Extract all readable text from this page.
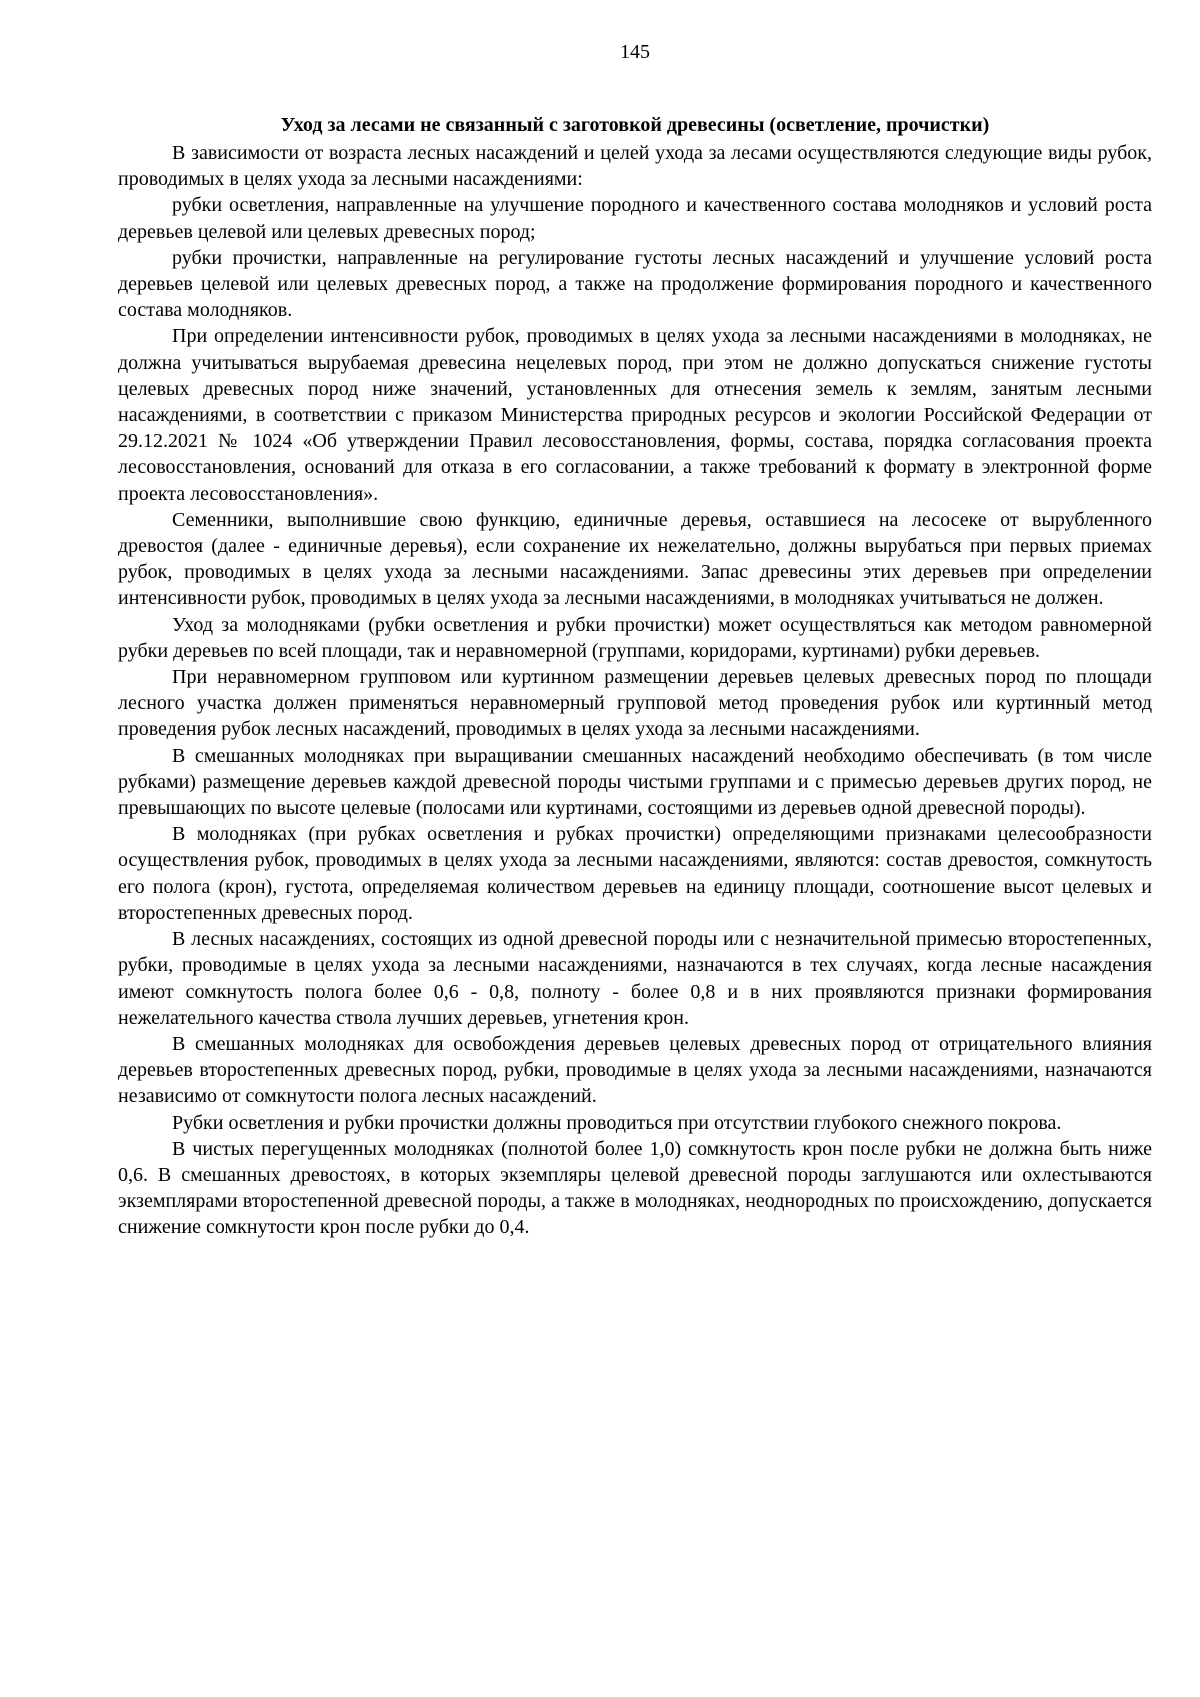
145
Уход за лесами не связанный с заготовкой древесины (осветление, прочистки)

В зависимости от возраста лесных насаждений и целей ухода за лесами осуществляются следующие виды рубок, проводимых в целях ухода за лесными насаждениями:

рубки осветления, направленные на улучшение породного и качественного состава молодняков и условий роста деревьев целевой или целевых древесных пород;

рубки прочистки, направленные на регулирование густоты лесных насаждений и улучшение условий роста деревьев целевой или целевых древесных пород, а также на продолжение формирования породного и качественного состава молодняков.

При определении интенсивности рубок, проводимых в целях ухода за лесными насаждениями в молодняках, не должна учитываться вырубаемая древесина нецелевых пород, при этом не должно допускаться снижение густоты целевых древесных пород ниже значений, установленных для отнесения земель к землям, занятым лесными насаждениями, в соответствии с приказом Министерства природных ресурсов и экологии Российской Федерации от 29.12.2021 № 1024 «Об утверждении Правил лесовосстановления, формы, состава, порядка согласования проекта лесовосстановления, оснований для отказа в его согласовании, а также требований к формату в электронной форме проекта лесовосстановления».

Семенники, выполнившие свою функцию, единичные деревья, оставшиеся на лесосеке от вырубленного древостоя (далее - единичные деревья), если сохранение их нежелательно, должны вырубаться при первых приемах рубок, проводимых в целях ухода за лесными насаждениями. Запас древесины этих деревьев при определении интенсивности рубок, проводимых в целях ухода за лесными насаждениями, в молодняках учитываться не должен.

Уход за молодняками (рубки осветления и рубки прочистки) может осуществляться как методом равномерной рубки деревьев по всей площади, так и неравномерной (группами, коридорами, куртинами) рубки деревьев.

При неравномерном групповом или куртинном размещении деревьев целевых древесных пород по площади лесного участка должен применяться неравномерный групповой метод проведения рубок или куртинный метод проведения рубок лесных насаждений, проводимых в целях ухода за лесными насаждениями.

В смешанных молодняках при выращивании смешанных насаждений необходимо обеспечивать (в том числе рубками) размещение деревьев каждой древесной породы чистыми группами и с примесью деревьев других пород, не превышающих по высоте целевые (полосами или куртинами, состоящими из деревьев одной древесной породы).

В молодняках (при рубках осветления и рубках прочистки) определяющими признаками целесообразности осуществления рубок, проводимых в целях ухода за лесными насаждениями, являются: состав древостоя, сомкнутость его полога (крон), густота, определяемая количеством деревьев на единицу площади, соотношение высот целевых и второстепенных древесных пород.

В лесных насаждениях, состоящих из одной древесной породы или с незначительной примесью второстепенных, рубки, проводимые в целях ухода за лесными насаждениями, назначаются в тех случаях, когда лесные насаждения имеют сомкнутость полога более 0,6 - 0,8, полноту - более 0,8 и в них проявляются признаки формирования нежелательного качества ствола лучших деревьев, угнетения крон.

В смешанных молодняках для освобождения деревьев целевых древесных пород от отрицательного влияния деревьев второстепенных древесных пород, рубки, проводимые в целях ухода за лесными насаждениями, назначаются независимо от сомкнутости полога лесных насаждений.

Рубки осветления и рубки прочистки должны проводиться при отсутствии глубокого снежного покрова.

В чистых перегущенных молодняках (полнотой более 1,0) сомкнутость крон после рубки не должна быть ниже 0,6. В смешанных древостоях, в которых экземпляры целевой древесной породы заглушаются или охлестываются экземплярами второстепенной древесной породы, а также в молодняках, неоднородных по происхождению, допускается снижение сомкнутости крон после рубки до 0,4.
